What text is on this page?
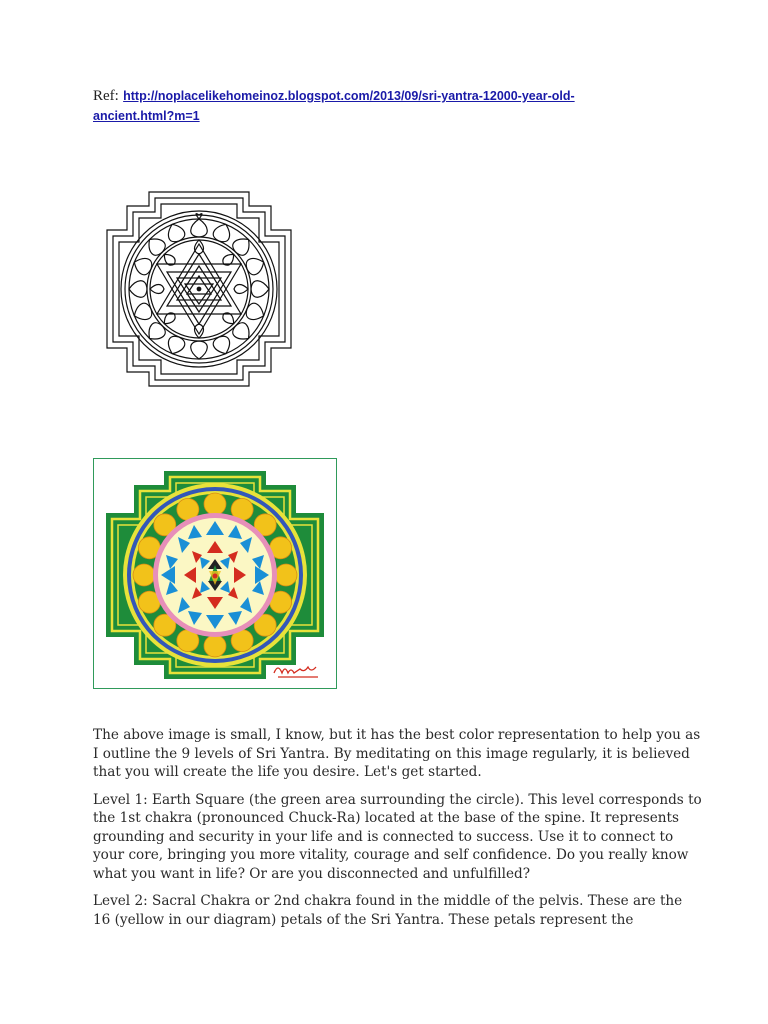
Ref: http://noplacelikehomeinoz.blogspot.com/2013/09/sri-yantra-12000-year-old-
ancient.html?m=1

The above image is small, I know, but it has the best color representation to help you as I outline the 9 levels of Sri Yantra. By meditating on this image regularly, it is believed that you will create the life you desire. Let's get started.

Level 1: Earth Square (the green area surrounding the circle). This level corresponds to the 1st chakra (pronounced Chuck-Ra) located at the base of the spine. It represents grounding and security in your life and is connected to success. Use it to connect to your core, bringing you more vitality, courage and self confidence. Do you really know what you want in life? Or are you disconnected and unfulfilled?

Level 2: Sacral Chakra or 2nd chakra found in the middle of the pelvis. These are the 16 (yellow in our diagram) petals of the Sri Yantra. These petals represent the
